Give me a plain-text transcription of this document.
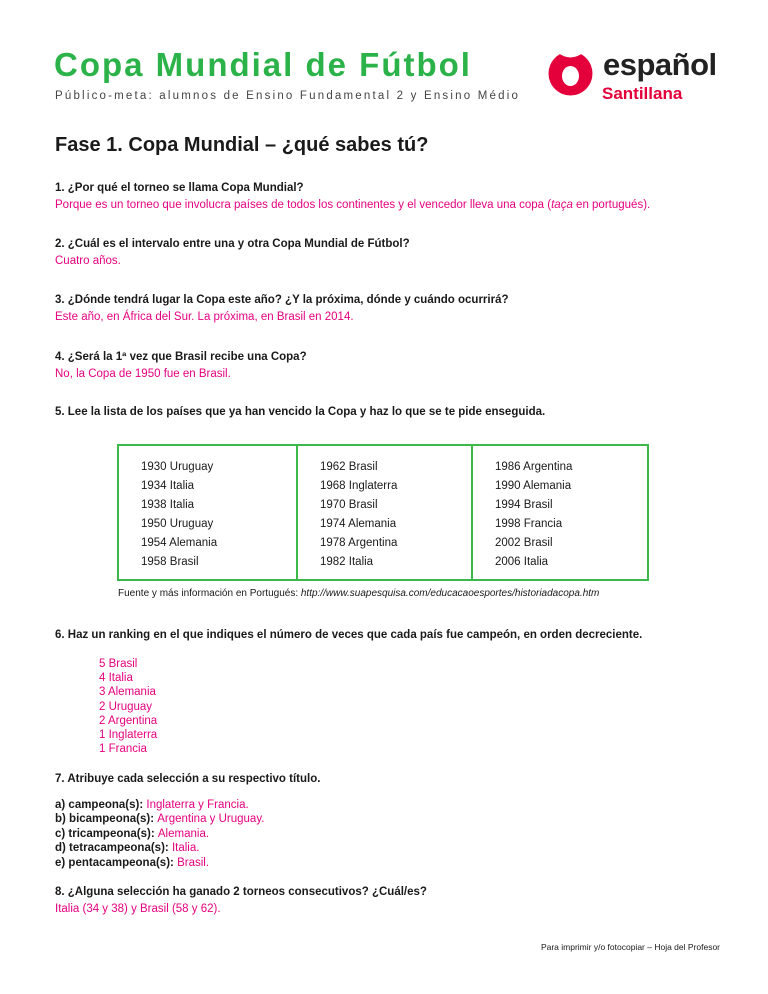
Copa Mundial de Fútbol
Público-meta: alumnos de Ensino Fundamental 2 y Ensino Médio
español
Santillana
Fase 1. Copa Mundial – ¿qué sabes tú?
1. ¿Por qué el torneo se llama Copa Mundial?
Porque es un torneo que involucra países de todos los continentes y el vencedor lleva una copa (taça en portugués).
2. ¿Cuál es el intervalo entre una y otra Copa Mundial de Fútbol?
Cuatro años.
3. ¿Dónde tendrá lugar la Copa este año? ¿Y la próxima, dónde y cuándo ocurrirá?
Este año, en África del Sur. La próxima, en Brasil en 2014.
4. ¿Será la 1ª vez que Brasil recibe una Copa?
No, la Copa de 1950 fue en Brasil.
5. Lee la lista de los países que ya han vencido la Copa y haz lo que se te pide enseguida.
1930 Uruguay
1934 Italia
1938 Italia
1950 Uruguay
1954 Alemania
1958 Brasil
1962 Brasil
1968 Inglaterra
1970 Brasil
1974 Alemania
1978 Argentina
1982 Italia
1986 Argentina
1990 Alemania
1994 Brasil
1998 Francia
2002 Brasil
2006 Italia
Fuente y más información en Portugués: http://www.suapesquisa.com/educacaoesportes/historiadacopa.htm
6. Haz un ranking en el que indiques el número de veces que cada país fue campeón, en orden decreciente.
5 Brasil
4 Italia
3 Alemania
2 Uruguay
2 Argentina
1 Inglaterra
1 Francia
7. Atribuye cada selección a su respectivo título.
a) campeona(s): Inglaterra y Francia.
b) bicampeona(s): Argentina y Uruguay.
c) tricampeona(s): Alemania.
d) tetracampeona(s): Italia.
e) pentacampeona(s): Brasil.
8. ¿Alguna selección ha ganado 2 torneos consecutivos? ¿Cuál/es?
Italia (34 y 38) y Brasil (58 y 62).
Para imprimir y/o fotocopiar – Hoja del Profesor
